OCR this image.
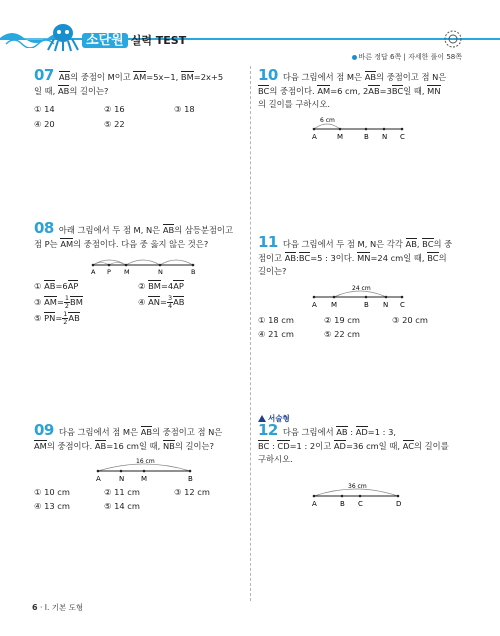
소단원 실력 TEST
바른 정답 6쪽 | 자세한 풀이 58쪽
07 AB의 중점이 M이고 AM=5x−1, BM=2x+5
일 때, AB의 길이는?
① 14	② 16	③ 18
④ 20	⑤ 22
08 아래 그림에서 두 점 M, N은 AB의 삼등분점이고
점 P는 AM의 중점이다. 다음 중 옳지 않은 것은?
A P M	N	B
① AB=6AP	② BM=4AP
③ $AM= \frac{1}{2}$ BM	④ $AN= \frac{3}{4}$ AB
⑤ $PN= \frac{1}{2}$ AB
09 다음 그림에서 점 M은 AB의 중점이고 점 N은
AM의 중점이다. AB=16 cm일 때, NB의 길이는?
16 cm
A	N M	B
① 10 cm	② 11 cm	③ 12 cm
④ 13 cm	⑤ 14 cm
10 다음 그림에서 점 M은 AB의 중점이고 점 N은
BC의 중점이다. AM=6 cm, 2AB=3BC일 때, MN
의 길이를 구하시오.
6 cm
A	M	B N C
11 다음 그림에서 두 점 M, N은 각각 AB, BC의 중
점이고 AB:BC=5 : 3이다. MN=24 cm일 때, BC의
길이는?
24 cm
A M	B N C
① 18 cm	② 19 cm	③ 20 cm
④ 21 cm	⑤ 22 cm
서술형
12 다음 그림에서 AB : AD=1 : 3,
BC : CD=1 : 2이고 AD=36 cm일 때, AC의 길이를
구하시오.
36 cm
A	B C	D
6 · I. 기본 도형
